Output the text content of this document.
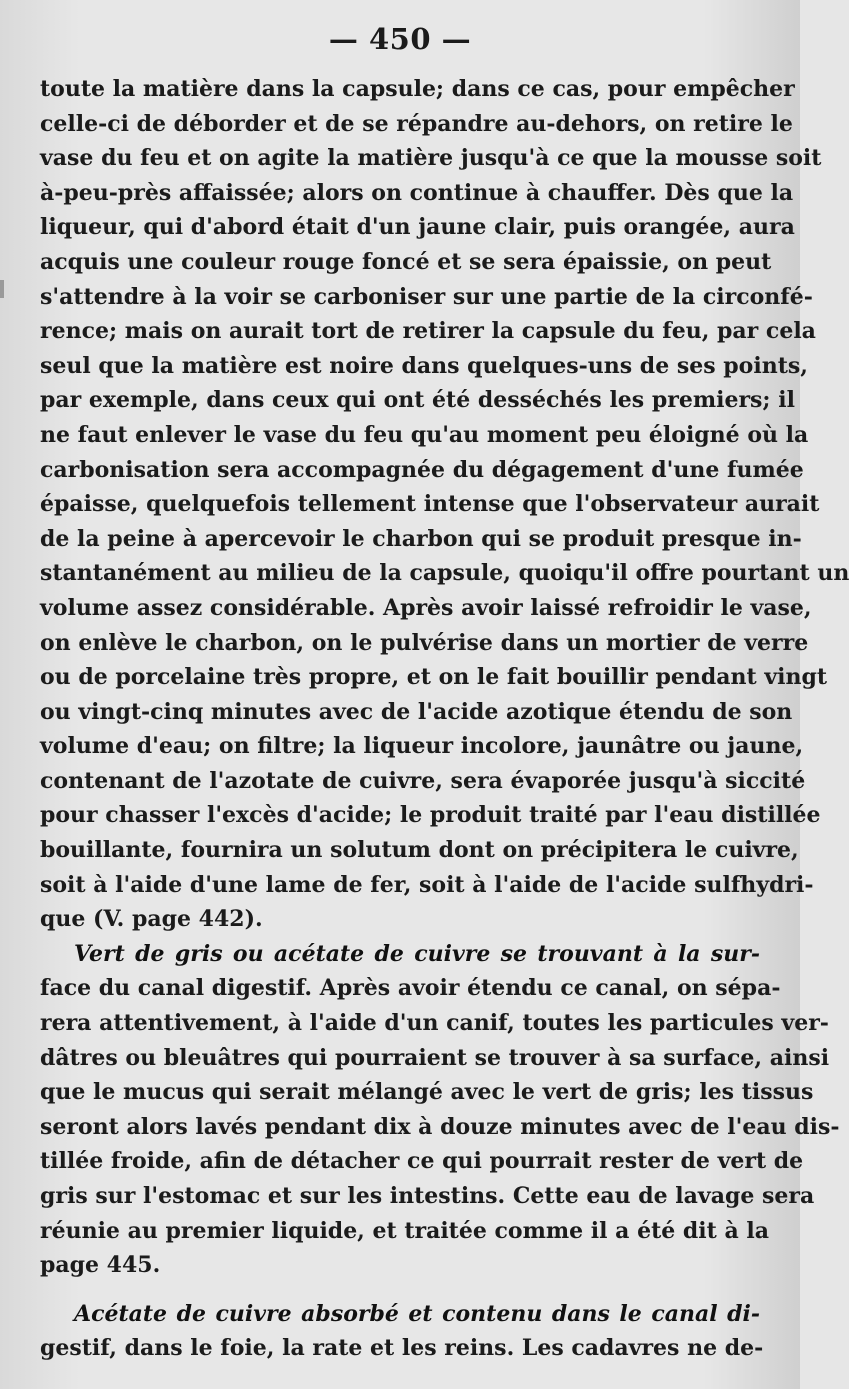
— 450 —
toute la matière dans la capsule; dans ce cas, pour empêcher
celle-ci de déborder et de se répandre au-dehors, on retire le
vase du feu et on agite la matière jusqu'à ce que la mousse soit
à-peu-près affaissée; alors on continue à chauffer. Dès que la
liqueur, qui d'abord était d'un jaune clair, puis orangée, aura
acquis une couleur rouge foncé et se sera épaissie, on peut
s'attendre à la voir se carboniser sur une partie de la circonfé-
rence; mais on aurait tort de retirer la capsule du feu, par cela
seul que la matière est noire dans quelques-uns de ses points,
par exemple, dans ceux qui ont été desséchés les premiers; il
ne faut enlever le vase du feu qu'au moment peu éloigné où la
carbonisation sera accompagnée du dégagement d'une fumée
épaisse, quelquefois tellement intense que l'observateur aurait
de la peine à apercevoir le charbon qui se produit presque in-
stantanément au milieu de la capsule, quoiqu'il offre pourtant un
volume assez considérable. Après avoir laissé refroidir le vase,
on enlève le charbon, on le pulvérise dans un mortier de verre
ou de porcelaine très propre, et on le fait bouillir pendant vingt
ou vingt-cinq minutes avec de l'acide azotique étendu de son
volume d'eau; on filtre; la liqueur incolore, jaunâtre ou jaune,
contenant de l'azotate de cuivre, sera évaporée jusqu'à siccité
pour chasser l'excès d'acide; le produit traité par l'eau distillée
bouillante, fournira un solutum dont on précipitera le cuivre,
soit à l'aide d'une lame de fer, soit à l'aide de l'acide sulfhydri-
que (V. page 442).
Vert de gris ou acétate de cuivre se trouvant à la sur-
face du canal digestif. Après avoir étendu ce canal, on sépa-
rera attentivement, à l'aide d'un canif, toutes les particules ver-
dâtres ou bleuâtres qui pourraient se trouver à sa surface, ainsi
que le mucus qui serait mélangé avec le vert de gris; les tissus
seront alors lavés pendant dix à douze minutes avec de l'eau dis-
tillée froide, afin de détacher ce qui pourrait rester de vert de
gris sur l'estomac et sur les intestins. Cette eau de lavage sera
réunie au premier liquide, et traitée comme il a été dit à la
page 445.
Acétate de cuivre absorbé et contenu dans le canal di-
gestif, dans le foie, la rate et les reins. Les cadavres ne de-
